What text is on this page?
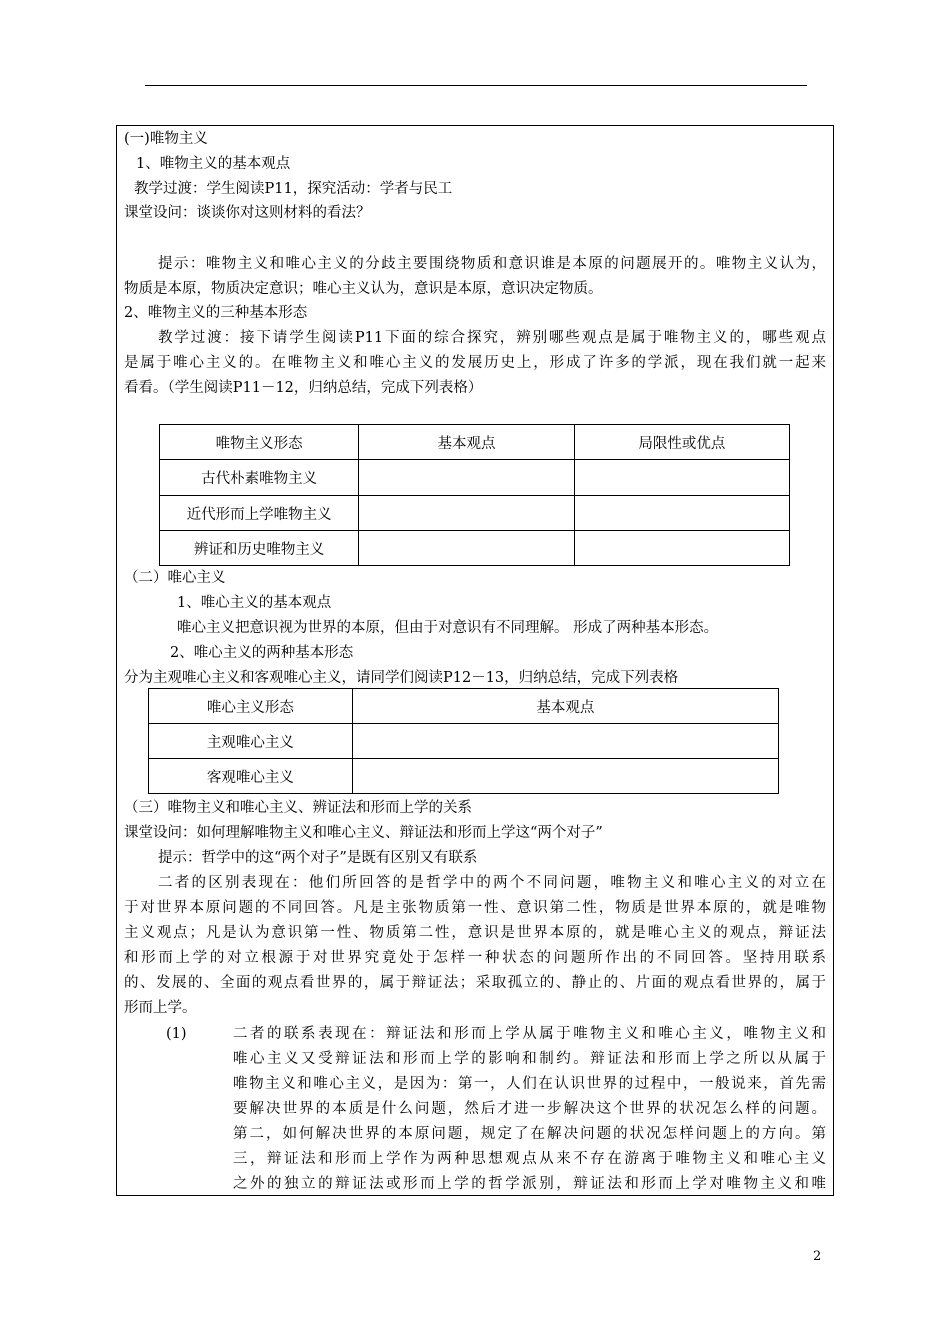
(一)唯物主义
1、唯物主义的基本观点
教学过渡：学生阅读P11，探究活动：学者与民工
课堂设问：谈谈你对这则材料的看法？
提示：唯物主义和唯心主义的分歧主要围绕物质和意识谁是本原的问题展开的。唯物主义认为，
物质是本原，物质决定意识；唯心主义认为，意识是本原，意识决定物质。
2、唯物主义的三种基本形态
教学过渡：接下请学生阅读P11下面的综合探究，辨别哪些观点是属于唯物主义的，哪些观点
是属于唯心主义的。在唯物主义和唯心主义的发展历史上，形成了许多的学派，现在我们就一起来
看看。（学生阅读P11－12，归纳总结，完成下列表格）
唯物主义形态	基本观点	局限性或优点
古代朴素唯物主义		
近代形而上学唯物主义		
辨证和历史唯物主义		
（二）唯心主义
1、唯心主义的基本观点
唯心主义把意识视为世界的本原，但由于对意识有不同理解。 形成了两种基本形态。
2、唯心主义的两种基本形态
分为主观唯心主义和客观唯心主义，请同学们阅读P12－13，归纳总结，完成下列表格
唯心主义形态	基本观点
主观唯心主义	
客观唯心主义	
（三）唯物主义和唯心主义、辨证法和形而上学的关系
课堂设问：如何理解唯物主义和唯心主义、辩证法和形而上学这“两个对子”
提示：哲学中的这“两个对子”是既有区别又有联系
二者的区别表现在：他们所回答的是哲学中的两个不同问题，唯物主义和唯心主义的对立在
于对世界本原问题的不同回答。凡是主张物质第一性、意识第二性，物质是世界本原的，就是唯物
主义观点；凡是认为意识第一性、物质第二性，意识是世界本原的，就是唯心主义的观点，辩证法
和形而上学的对立根源于对世界究竟处于怎样一种状态的问题所作出的不同回答。坚持用联系
的、发展的、全面的观点看世界的，属于辩证法；采取孤立的、静止的、片面的观点看世界的，属于
形而上学。
(1)	二者的联系表现在：辩证法和形而上学从属于唯物主义和唯心主义，唯物主义和
唯心主义又受辩证法和形而上学的影响和制约。辩证法和形而上学之所以从属于
唯物主义和唯心主义，是因为：第一，人们在认识世界的过程中，一般说来，首先需
要解决世界的本质是什么问题，然后才进一步解决这个世界的状况怎么样的问题。
第二，如何解决世界的本原问题，规定了在解决问题的状况怎样问题上的方向。第
三，辩证法和形而上学作为两种思想观点从来不存在游离于唯物主义和唯心主义
之外的独立的辩证法或形而上学的哲学派别，辩证法和形而上学对唯物主义和唯
2
